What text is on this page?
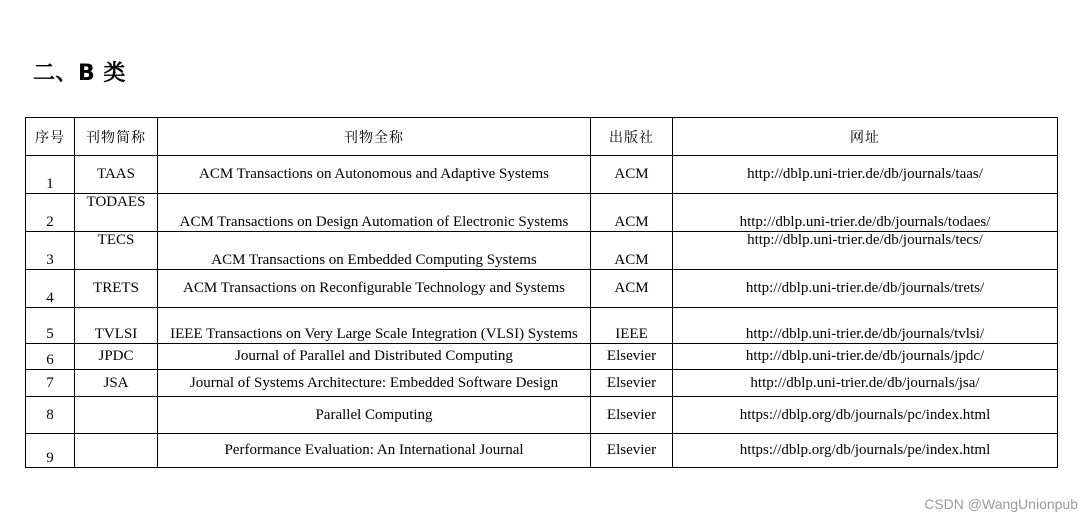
二、B 类
序号	刊物简称	刊物全称	出版社	网址
1	TAAS	ACM Transactions on Autonomous and Adaptive Systems	ACM	http://dblp.uni-trier.de/db/journals/taas/
2	TODAES	ACM Transactions on Design Automation of Electronic Systems	ACM	http://dblp.uni-trier.de/db/journals/todaes/
3	TECS	ACM Transactions on Embedded Computing Systems	ACM	http://dblp.uni-trier.de/db/journals/tecs/
4	TRETS	ACM Transactions on Reconfigurable Technology and Systems	ACM	http://dblp.uni-trier.de/db/journals/trets/
5	TVLSI	IEEE Transactions on Very Large Scale Integration (VLSI) Systems	IEEE	http://dblp.uni-trier.de/db/journals/tvlsi/
6	JPDC	Journal of Parallel and Distributed Computing	Elsevier	http://dblp.uni-trier.de/db/journals/jpdc/
7	JSA	Journal of Systems Architecture: Embedded Software Design	Elsevier	http://dblp.uni-trier.de/db/journals/jsa/
8		Parallel Computing	Elsevier	https://dblp.org/db/journals/pc/index.html
9		Performance Evaluation: An International Journal	Elsevier	https://dblp.org/db/journals/pe/index.html
CSDN @WangUnionpub
